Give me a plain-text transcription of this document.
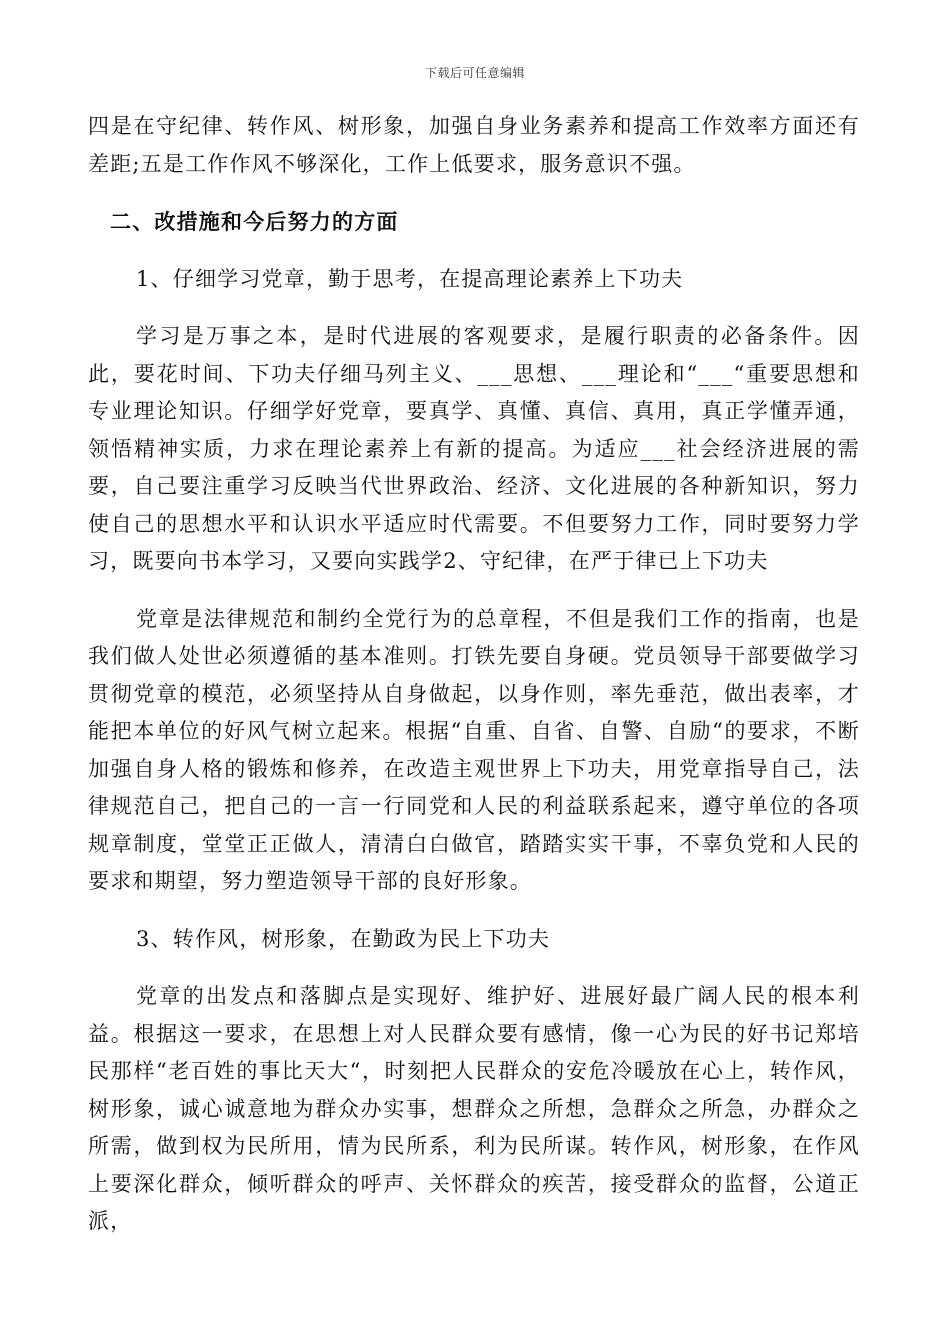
下载后可任意编辑

四是在守纪律、转作风、树形象，加强自身业务素养和提高工作效率方面还有差距;五是工作作风不够深化，工作上低要求，服务意识不强。

二、改措施和今后努力的方面

1、仔细学习党章，勤于思考，在提高理论素养上下功夫

学习是万事之本，是时代进展的客观要求，是履行职责的必备条件。因此，要花时间、下功夫仔细马列主义、___思想、___理论和“___“重要思想和专业理论知识。仔细学好党章，要真学、真懂、真信、真用，真正学懂弄通，领悟精神实质，力求在理论素养上有新的提高。为适应___社会经济进展的需要，自己要注重学习反映当代世界政治、经济、文化进展的各种新知识，努力使自己的思想水平和认识水平适应时代需要。不但要努力工作，同时要努力学习，既要向书本学习，又要向实践学2、守纪律，在严于律已上下功夫

党章是法律规范和制约全党行为的总章程，不但是我们工作的指南，也是我们做人处世必须遵循的基本准则。打铁先要自身硬。党员领导干部要做学习贯彻党章的模范，必须坚持从自身做起，以身作则，率先垂范，做出表率，才能把本单位的好风气树立起来。根据“自重、自省、自警、自励“的要求，不断加强自身人格的锻炼和修养，在改造主观世界上下功夫，用党章指导自己，法律规范自己，把自己的一言一行同党和人民的利益联系起来，遵守单位的各项规章制度，堂堂正正做人，清清白白做官，踏踏实实干事，不辜负党和人民的要求和期望，努力塑造领导干部的良好形象。

3、转作风，树形象，在勤政为民上下功夫

党章的出发点和落脚点是实现好、维护好、进展好最广阔人民的根本利益。根据这一要求，在思想上对人民群众要有感情，像一心为民的好书记郑培民那样“老百姓的事比天大“，时刻把人民群众的安危冷暖放在心上，转作风，树形象，诚心诚意地为群众办实事，想群众之所想，急群众之所急，办群众之所需，做到权为民所用，情为民所系，利为民所谋。转作风，树形象，在作风上要深化群众，倾听群众的呼声、关怀群众的疾苦，接受群众的监督，公道正派，
